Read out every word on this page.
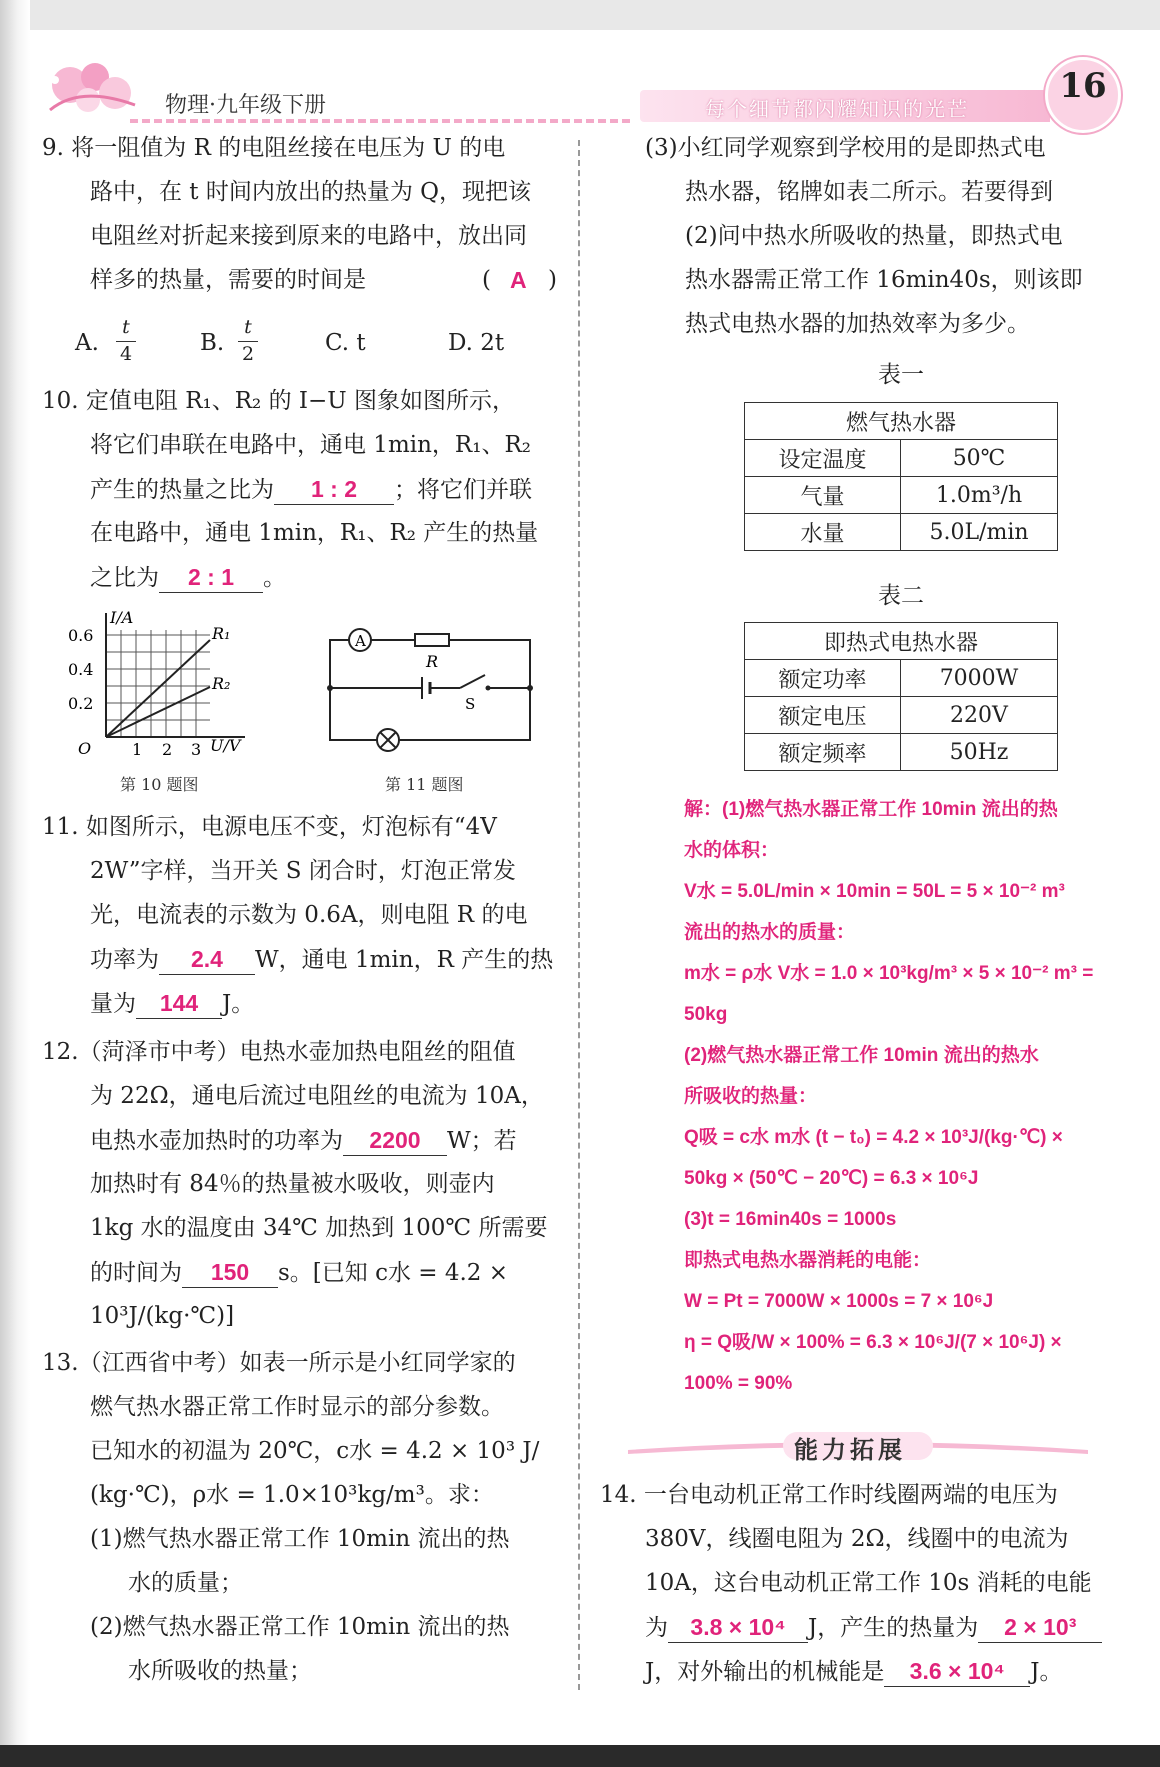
物理·九年级下册	每个细节都闪耀知识的光芒
16
9. 将一阻值为 R 的电阻丝接在电压为 U 的电
路中，在 t 时间内放出的热量为 Q，现把该
电阻丝对折起来接到原来的电路中，放出同
样多的热量，需要的时间是	( A )
A.
t
4	B.
t
2	C. t	D. 2t
10. 定值电阻 R₁、R₂ 的 I−U 图象如图所示，
将它们串联在电路中，通电 1min，R₁、R₂
产生的热量之比为 1 : 2 ；将它们并联
在电路中，通电 1min，R₁、R₂ 产生的热量
之比为 2 : 1 。
I/A
U/V
O
0.6
0.4
0.2
1 2 3
R₁
R₂
第 10 题图
A
R
S
第 11 题图
11. 如图所示，电源电压不变，灯泡标有“4V
2W”字样，当开关 S 闭合时，灯泡正常发
光，电流表的示数为 0.6A，则电阻 R 的电
功率为 2.4 W，通电 1min，R 产生的热
量为 144 J。
12.（菏泽市中考）电热水壶加热电阻丝的阻值
为 22Ω，通电后流过电阻丝的电流为 10A，
电热水壶加热时的功率为 2200 W；若
加热时有 84％的热量被水吸收，则壶内
1kg 水的温度由 34℃ 加热到 100℃ 所需要
的时间为 150 s。[已知 c水 = 4.2 ×
10³J/(kg·℃)]
13.（江西省中考）如表一所示是小红同学家的
燃气热水器正常工作时显示的部分参数。
已知水的初温为 20℃，c水 = 4.2 × 10³ J/
(kg·℃)，ρ水 = 1.0×10³kg/m³。求：
(1)燃气热水器正常工作 10min 流出的热
水的质量；
(2)燃气热水器正常工作 10min 流出的热
水所吸收的热量；
(3)小红同学观察到学校用的是即热式电
热水器，铭牌如表二所示。若要得到
(2)问中热水所吸收的热量，即热式电
热水器需正常工作 16min40s，则该即
热式电热水器的加热效率为多少。
表一
燃气热水器	
设定温度	50℃
气量	1.0m³/h
水量	5.0L/min
表二
即热式电热水器	
额定功率	7000W
额定电压	220V
额定频率	50Hz
解：(1)燃气热水器正常工作 10min 流出的热
水的体积：
V水 = 5.0L/min × 10min = 50L = 5 × 10⁻² m³
流出的热水的质量：
m水 = ρ水 V水 = 1.0 × 10³kg/m³ × 5 × 10⁻² m³ =
50kg
(2)燃气热水器正常工作 10min 流出的热水
所吸收的热量：
Q吸 = c水 m水 (t − t₀) = 4.2 × 10³J/(kg·℃) ×
50kg × (50℃ − 20℃) = 6.3 × 10⁶J
(3)t = 16min40s = 1000s
即热式电热水器消耗的电能：
W = Pt = 7000W × 1000s = 7 × 10⁶J
η = Q吸/W × 100% = 6.3 × 10⁶J/(7 × 10⁶J) ×
100% = 90%
能力拓展
14. 一台电动机正常工作时线圈两端的电压为
380V，线圈电阻为 2Ω，线圈中的电流为
10A，这台电动机正常工作 10s 消耗的电能
为 3.8 × 10⁴ J，产生的热量为 2 × 10³
J，对外输出的机械能是 3.6 × 10⁴ J。
